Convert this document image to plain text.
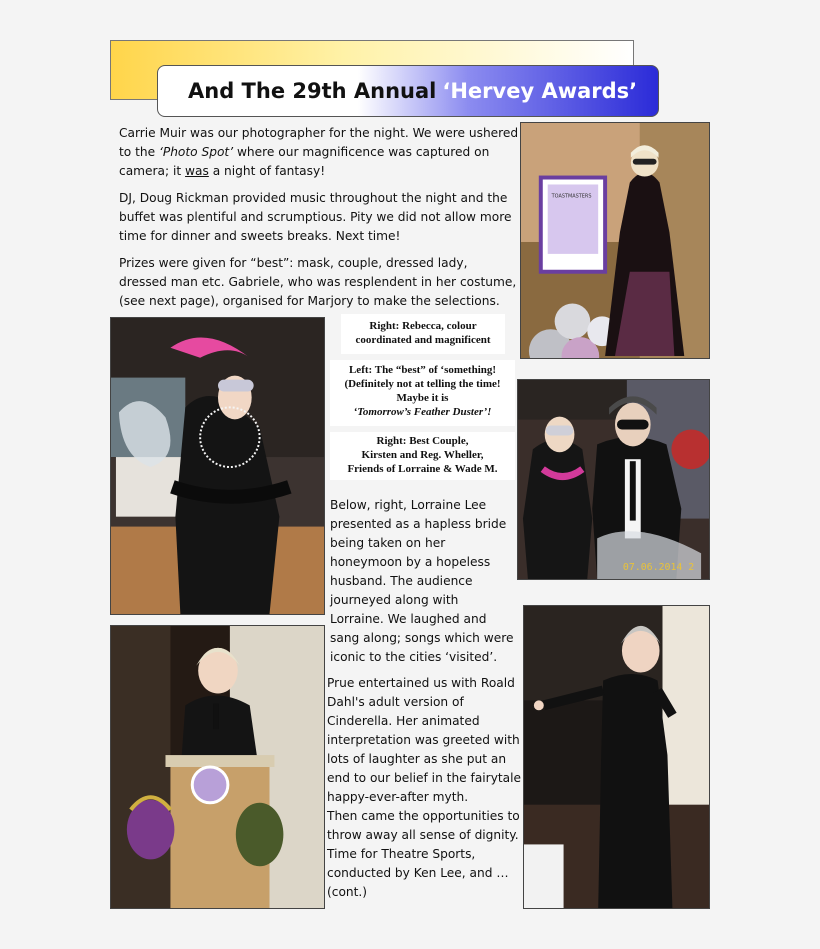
And The 29th Annual ‘Hervey Awards’

Carrie Muir was our photographer for the night. We were ushered to the ‘Photo Spot’ where our magnificence was captured on camera; it was a night of fantasy!

DJ, Doug Rickman provided music throughout the night and the buffet was plentiful and scrumptious. Pity we did not allow more time for dinner and sweets breaks. Next time!

Prizes were given for “best”: mask, couple, dressed lady, dressed man etc. Gabriele, who was resplendent in her costume, (see next page), organised for Marjory to make the selections.

TOASTMASTERS
Right: Rebecca, colour coordinated and magnificent
Left: The “best” of ‘something!
(Definitely not at telling the time!
Maybe it is
‘Tomorrow’s Feather Duster’!
Right: Best Couple,
Kirsten and Reg. Wheller,
Friends of Lorraine & Wade M.
07.06.2014 2

Below, right, Lorraine Lee presented as a hapless bride being taken on her honeymoon by a hopeless husband. The audience journeyed along with Lorraine. We laughed and sang along; songs which were iconic to the cities ‘visited’.

Prue entertained us with Roald Dahl's adult version of Cinderella. Her animated interpretation was greeted with lots of laughter as she put an end to our belief in the fairytale happy-ever-after myth.
Then came the opportunities to throw away all sense of dignity. Time for Theatre Sports, conducted by Ken Lee, and … (cont.)
